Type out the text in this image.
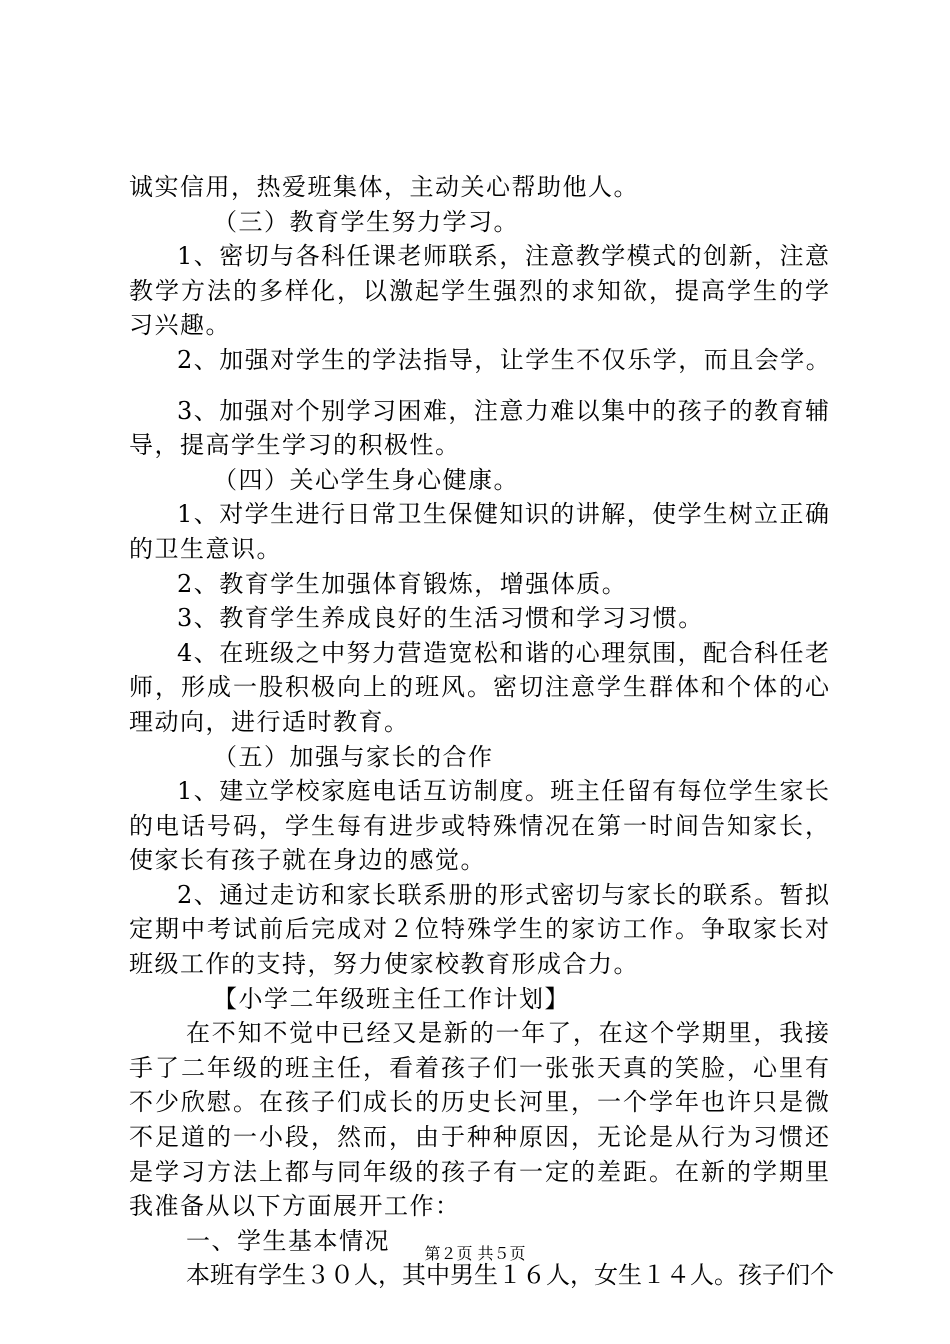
诚实信用，热爱班集体，主动关心帮助他人。
（三）教育学生努力学习。
1、密切与各科任课老师联系，注意教学模式的创新，注意
教学方法的多样化，以激起学生强烈的求知欲，提高学生的学
习兴趣。
2、加强对学生的学法指导，让学生不仅乐学，而且会学。
3、加强对个别学习困难，注意力难以集中的孩子的教育辅
导，提高学生学习的积极性。
（四）关心学生身心健康。
1、对学生进行日常卫生保健知识的讲解，使学生树立正确
的卫生意识。
2、教育学生加强体育锻炼，增强体质。
3、教育学生养成良好的生活习惯和学习习惯。
4、在班级之中努力营造宽松和谐的心理氛围，配合科任老
师，形成一股积极向上的班风。密切注意学生群体和个体的心
理动向，进行适时教育。
（五）加强与家长的合作
1、建立学校家庭电话互访制度。班主任留有每位学生家长
的电话号码，学生每有进步或特殊情况在第一时间告知家长，
使家长有孩子就在身边的感觉。
2、通过走访和家长联系册的形式密切与家长的联系。暂拟
定期中考试前后完成对２位特殊学生的家访工作。争取家长对
班级工作的支持，努力使家校教育形成合力。
【小学二年级班主任工作计划】
在不知不觉中已经又是新的一年了，在这个学期里，我接
手了二年级的班主任，看着孩子们一张张天真的笑脸，心里有
不少欣慰。在孩子们成长的历史长河里，一个学年也许只是微
不足道的一小段，然而，由于种种原因，无论是从行为习惯还
是学习方法上都与同年级的孩子有一定的差距。在新的学期里
我准备从以下方面展开工作：
一、学生基本情况
本班有学生３０人，其中男生１６人，女生１４人。孩子们个
第２页 共５页
